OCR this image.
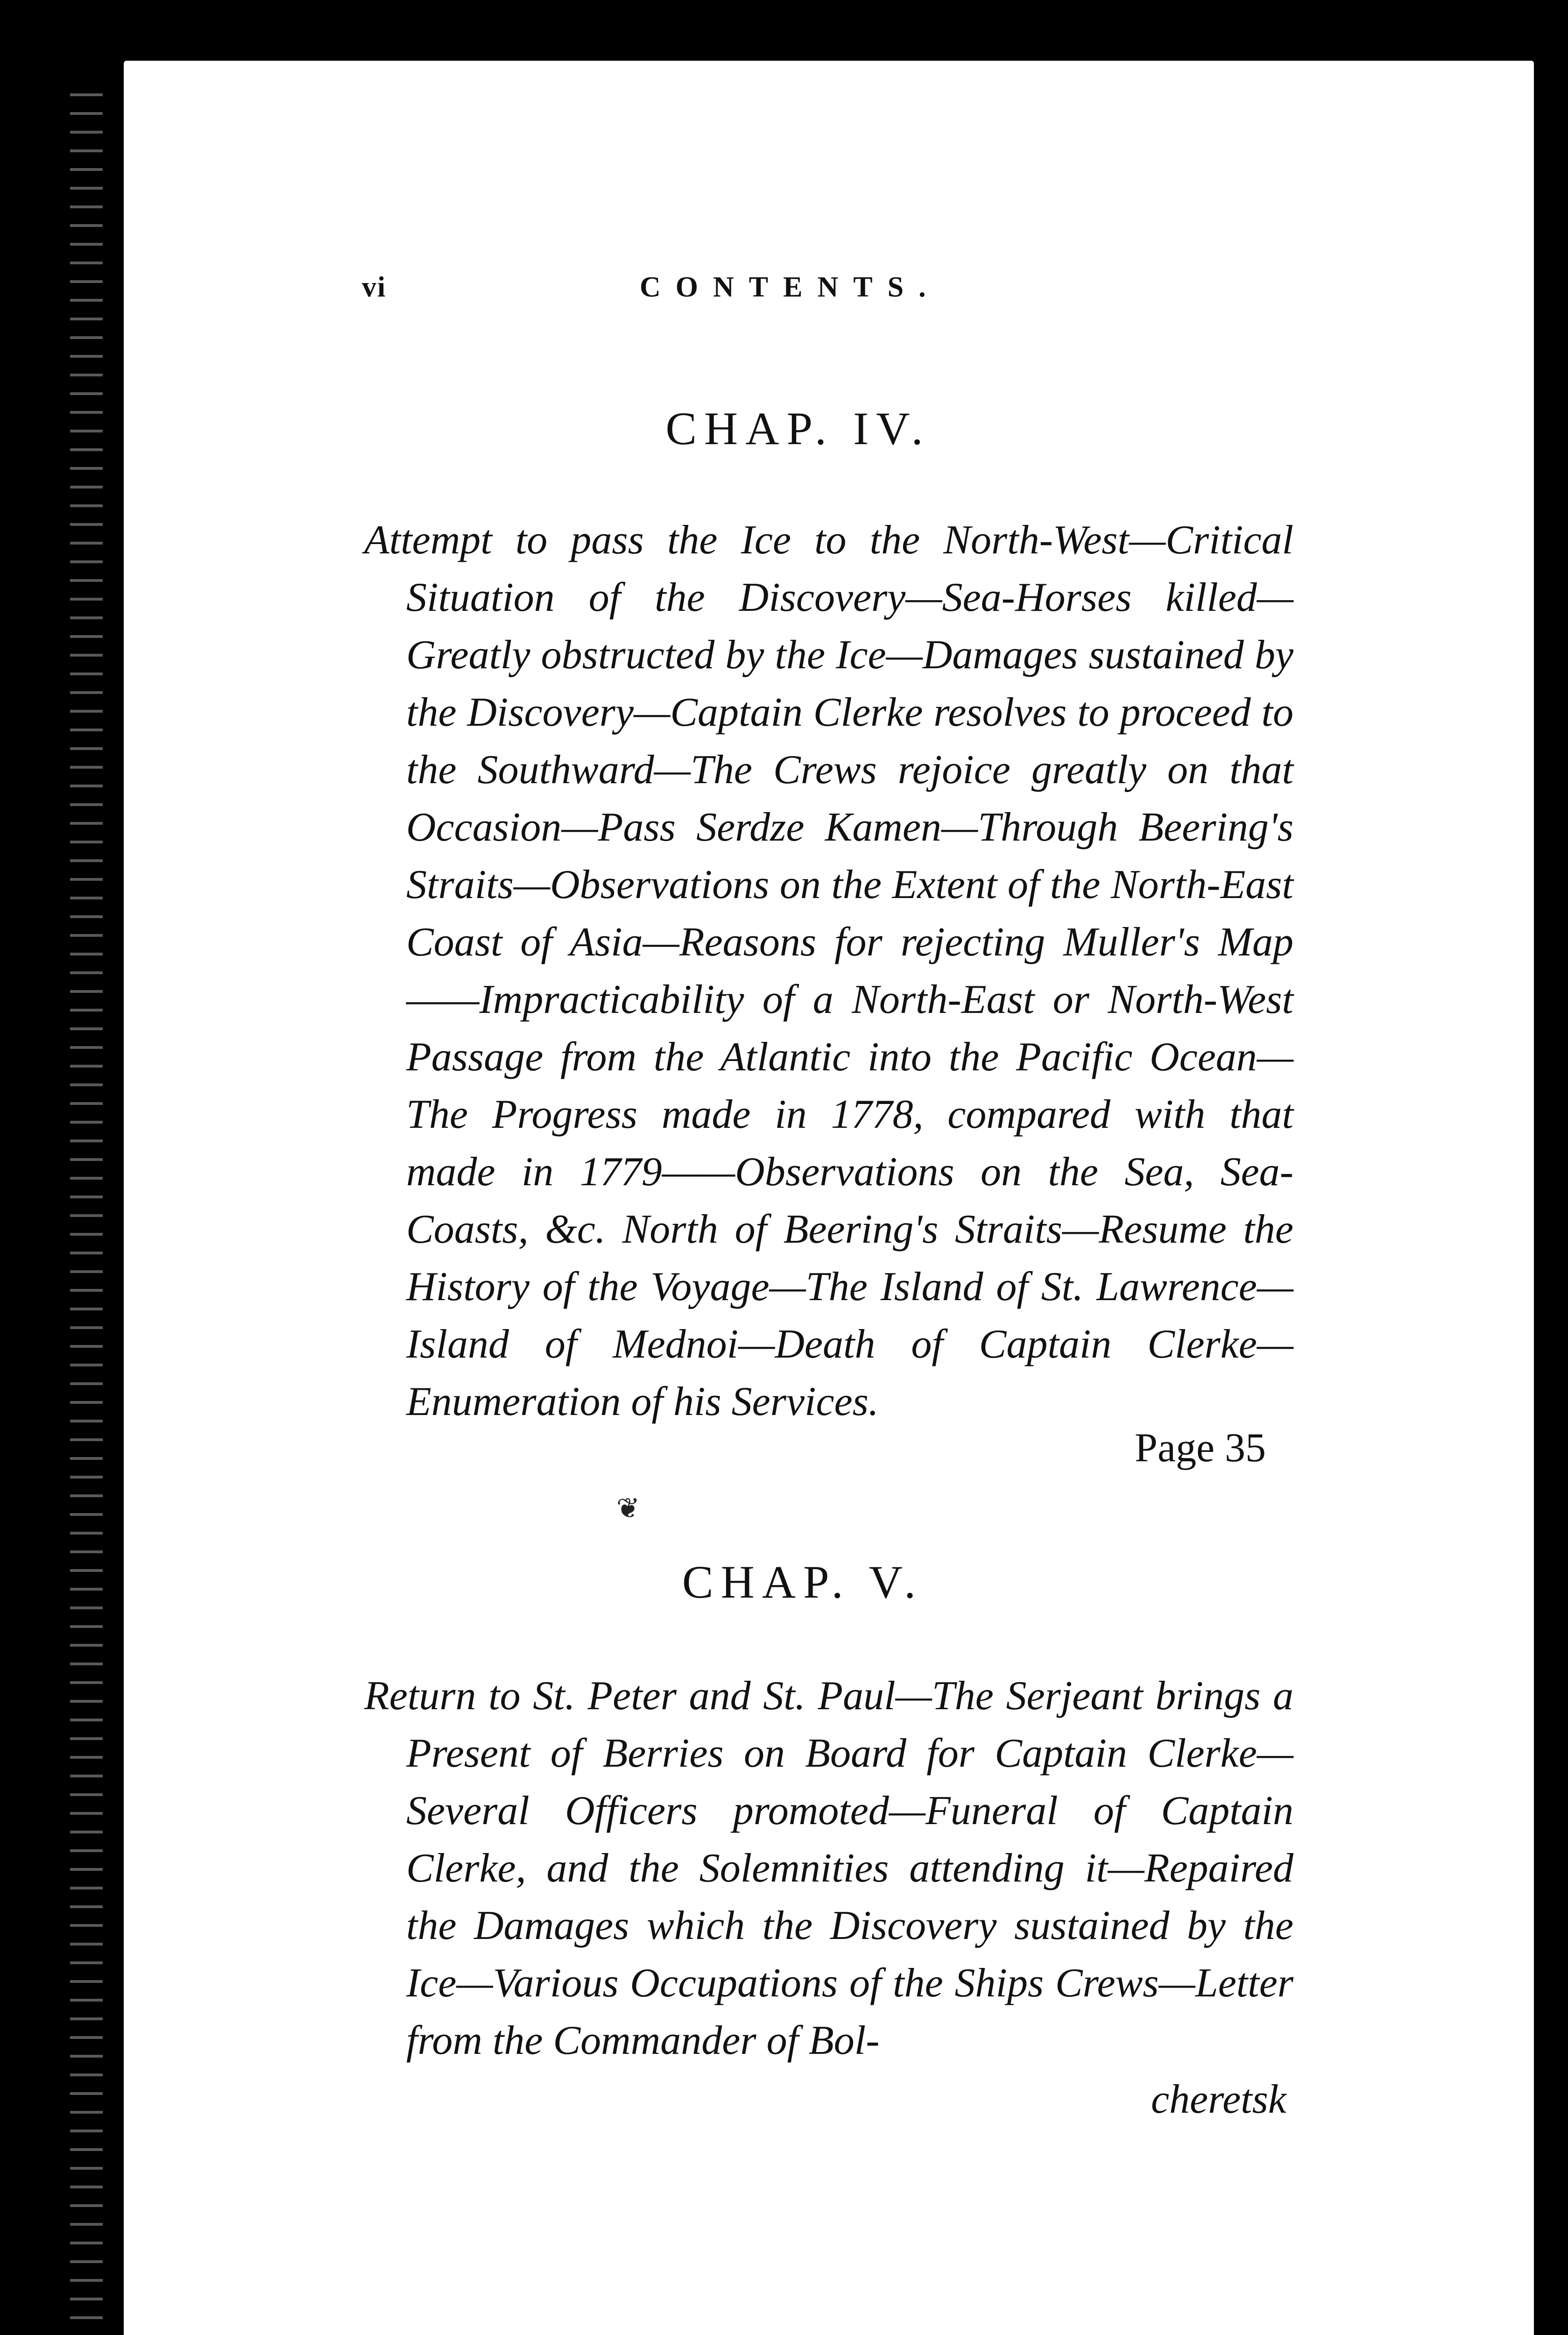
vi	CONTENTS.
CHAP. IV.

Attempt to pass the Ice to the North-West—Critical Situation of the Discovery—Sea-Horses killed—Greatly obstructed by the Ice—Damages sustained by the Discovery—Captain Clerke resolves to proceed to the Southward—The Crews rejoice greatly on that Occasion—Pass Serdze Kamen—Through Beering's Straits—Observations on the Extent of the North-East Coast of Asia—Reasons for rejecting Muller's Map——Impracticability of a North-East or North-West Passage from the Atlantic into the Pacific Ocean—The Progress made in 1778, compared with that made in 1779——Observations on the Sea, Sea-Coasts, &c. North of Beering's Straits—Resume the History of the Voyage—The Island of St. Lawrence—Island of Mednoi—Death of Captain Clerke—Enumeration of his Services.

Page 35
❦
CHAP. V.

Return to St. Peter and St. Paul—The Serjeant brings a Present of Berries on Board for Captain Clerke—Several Officers promoted—Funeral of Captain Clerke, and the Solemnities attending it—Repaired the Damages which the Discovery sustained by the Ice—Various Occupations of the Ships Crews—Letter from the Commander of Bol-

cheretsk
